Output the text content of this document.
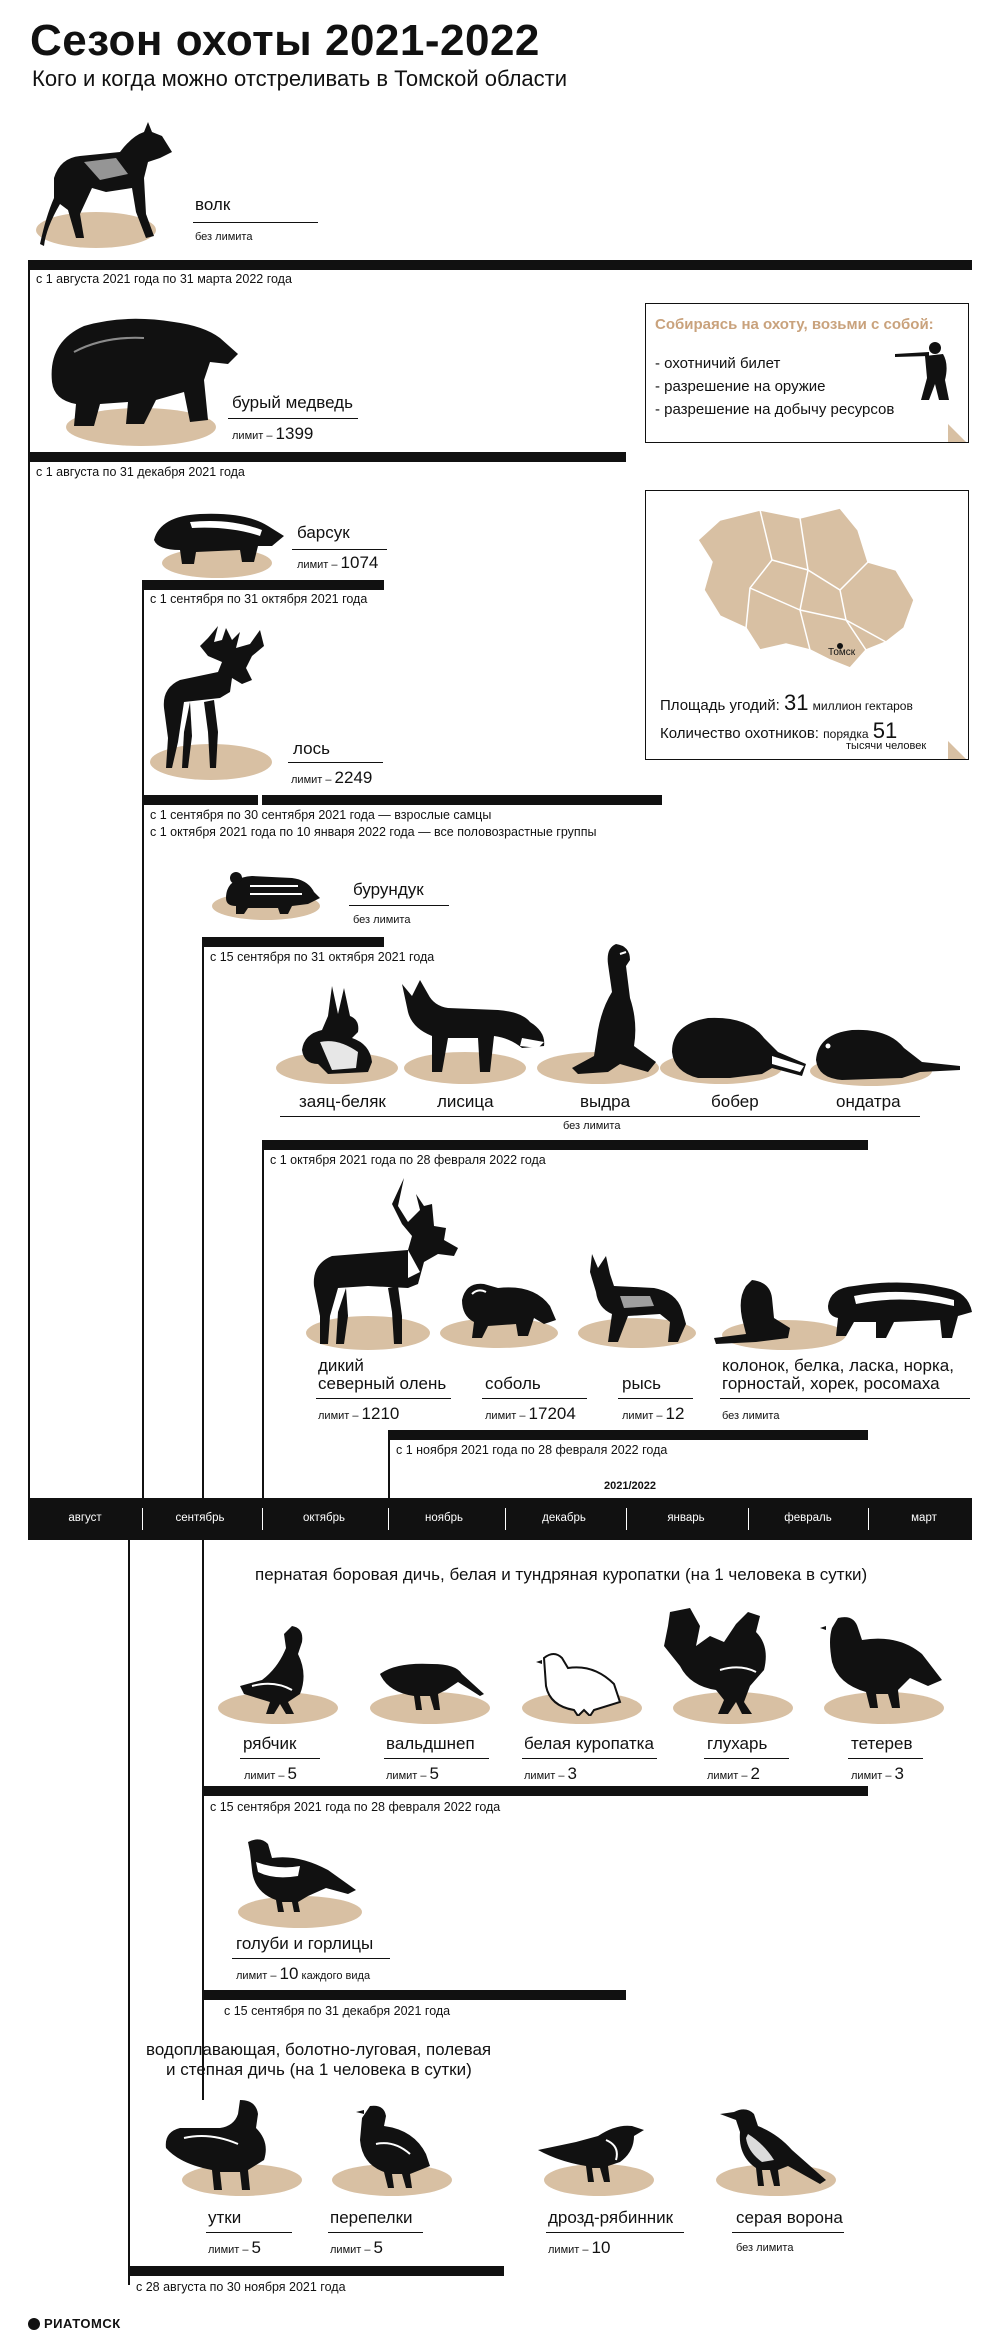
Сезон охоты 2021-2022
Кого и когда можно отстреливать в Томской области
волк
без лимита
с 1 августа 2021 года по 31 марта 2022 года
бурый медведь
лимит – 1399
с 1 августа по 31 декабря 2021 года
Собираясь на охоту, возьми с собой:
- охотничий билет
- разрешение на оружие
- разрешение на добычу ресурсов
Томск
Площадь угодий: 31 миллион гектаров
Количество охотников: порядка 51
тысячи человек
барсук
лимит – 1074
с 1 сентября по 31 октября 2021 года
лось
лимит – 2249
с 1 сентября по 30 сентября 2021 года — взрослые самцы
с 1 октября 2021 года по 10 января 2022 года — все половозрастные группы
бурундук
без лимита
с 15 сентября по 31 октября 2021 года
заяц-беляк	лисица	выдра	бобер	ондатра
без лимита
с 1 октября 2021 года по 28 февраля 2022 года
дикий
северный олень
лимит – 1210
соболь
лимит – 17204
рысь
лимит – 12
колонок, белка, ласка, норка,
горностай, хорек, росомаха
без лимита
с 1 ноября 2021 года по 28 февраля 2022 года
2021/2022
август	сентябрь	октябрь	ноябрь	декабрь	январь	февраль	март
пернатая боровая дичь, белая и тундряная куропатки (на 1 человека в сутки)
рябчик
лимит – 5
вальдшнеп
лимит – 5
белая куропатка
лимит – 3
глухарь
лимит – 2
тетерев
лимит – 3
с 15 сентября 2021 года по 28 февраля 2022 года
голуби и горлицы
лимит – 10 каждого вида
с 15 сентября по 31 декабря 2021 года
водоплавающая, болотно-луговая, полевая
и степная дичь (на 1 человека в сутки)
утки
лимит – 5
перепелки
лимит – 5
дрозд-рябинник
лимит – 10
серая ворона
без лимита
с 28 августа по 30 ноября 2021 года
РИАТОМСК
